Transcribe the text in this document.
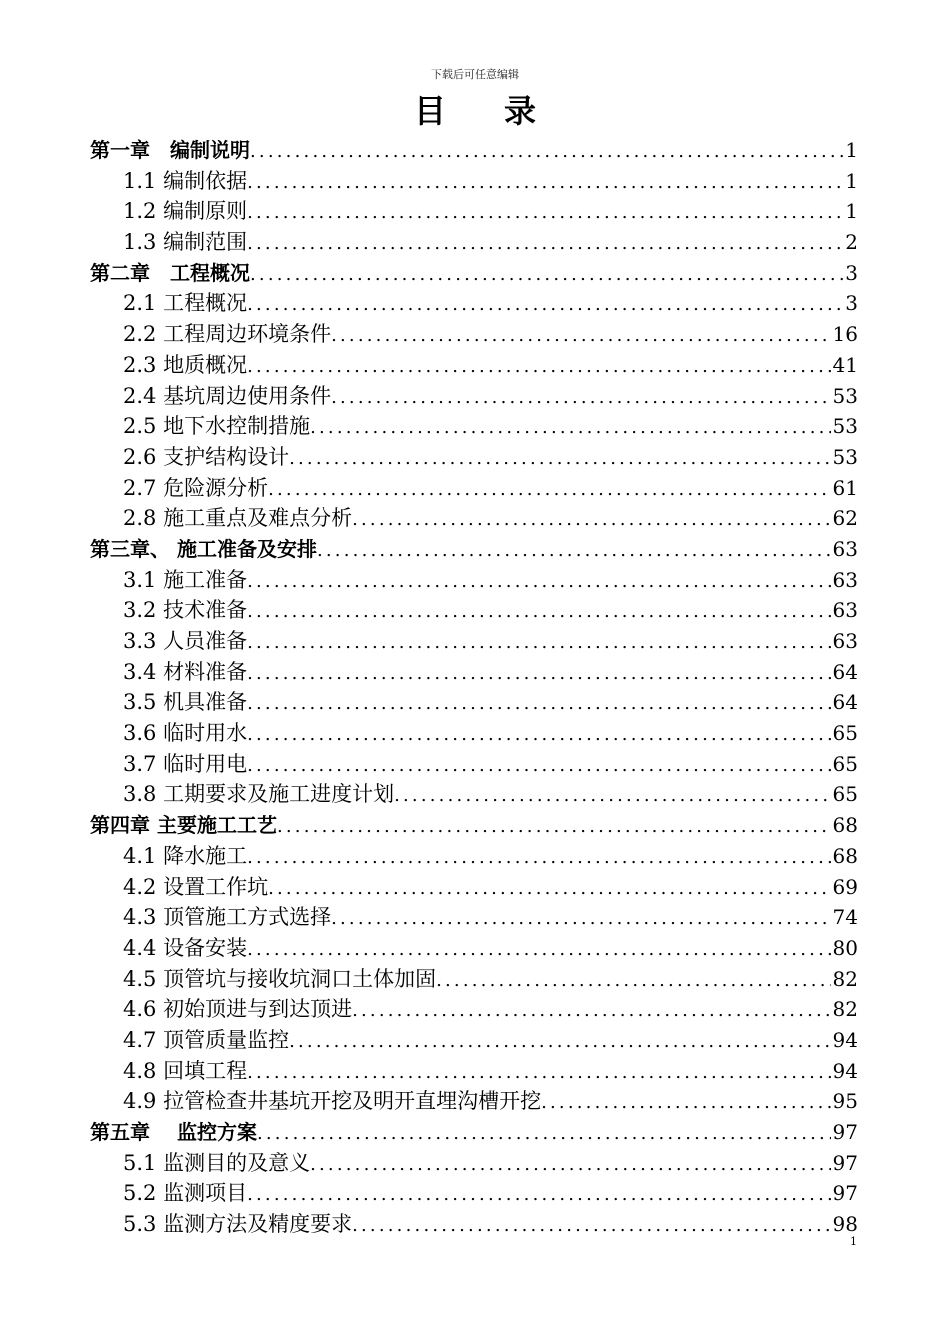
下载后可任意编辑
目 录
第一章　编制说明 .....	1
1.1 编制依据 .....	1
1.2 编制原则 .....	1
1.3 编制范围 .....	2
第二章　工程概况 .....	3
2.1 工程概况 .....	3
2.2 工程周边环境条件 .....	16
2.3 地质概况 .....	41
2.4 基坑周边使用条件 .....	53
2.5 地下水控制措施 .....	53
2.6 支护结构设计 .....	53
2.7 危险源分析 .....	61
2.8 施工重点及难点分析 .....	62
第三章、 施工准备及安排 .....	63
3.1 施工准备 .....	63
3.2 技术准备 .....	63
3.3 人员准备 .....	63
3.4 材料准备 .....	64
3.5 机具准备 .....	64
3.6 临时用水 .....	65
3.7 临时用电 .....	65
3.8 工期要求及施工进度计划 .....	65
第四章 主要施工工艺 .....	68
4.1 降水施工 .....	68
4.2 设置工作坑 .....	69
4.3 顶管施工方式选择 .....	74
4.4 设备安装 .....	80
4.5 顶管坑与接收坑洞口土体加固 .....	82
4.6 初始顶进与到达顶进 .....	82
4.7 顶管质量监控 .....	94
4.8 回填工程 .....	94
4.9 拉管检查井基坑开挖及明开直埋沟槽开挖 .....	95
第五章　 监控方案 .....	97
5.1 监测目的及意义 .....	97
5.2 监测项目 .....	97
5.3 监测方法及精度要求 .....	98
1
